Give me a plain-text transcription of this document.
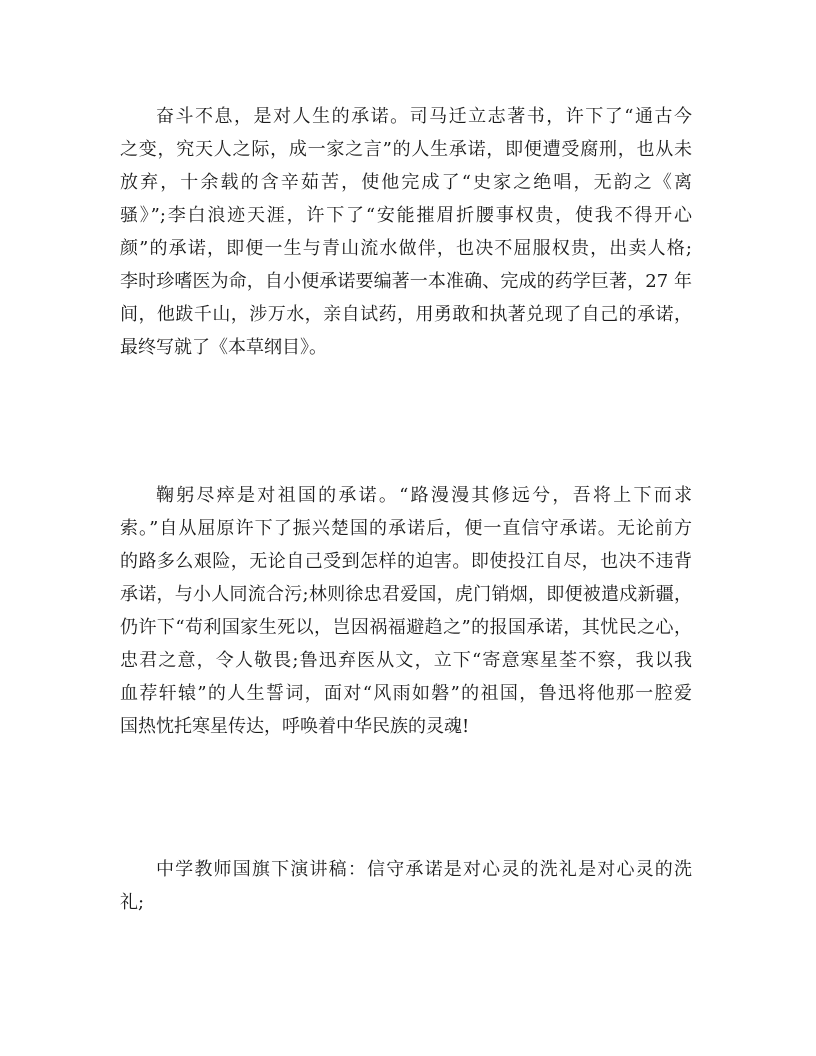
奋斗不息，是对人生的承诺。司马迁立志著书，许下了“通古今
之变，究天人之际，成一家之言”的人生承诺，即便遭受腐刑，也从未
放弃，十余载的含辛茹苦，使他完成了“史家之绝唱，无韵之《离
骚》”;李白浪迹天涯，许下了“安能摧眉折腰事权贵，使我不得开心
颜”的承诺，即便一生与青山流水做伴，也决不屈服权贵，出卖人格;
李时珍嗜医为命，自小便承诺要编著一本准确、完成的药学巨著，27 年
间，他跋千山，涉万水，亲自试药，用勇敢和执著兑现了自己的承诺，
最终写就了《本草纲目》。
鞠躬尽瘁是对祖国的承诺。“路漫漫其修远兮，吾将上下而求
索。”自从屈原许下了振兴楚国的承诺后，便一直信守承诺。无论前方
的路多么艰险，无论自己受到怎样的迫害。即使投江自尽，也决不违背
承诺，与小人同流合污;林则徐忠君爱国，虎门销烟，即便被遣戍新疆，
仍许下“苟利国家生死以，岂因祸福避趋之”的报国承诺，其忧民之心，
忠君之意，令人敬畏;鲁迅弃医从文，立下“寄意寒星荃不察，我以我
血荐轩辕”的人生誓词，面对“风雨如磐”的祖国，鲁迅将他那一腔爱
国热忱托寒星传达，呼唤着中华民族的灵魂!
中学教师国旗下演讲稿：信守承诺是对心灵的洗礼是对心灵的洗
礼;
